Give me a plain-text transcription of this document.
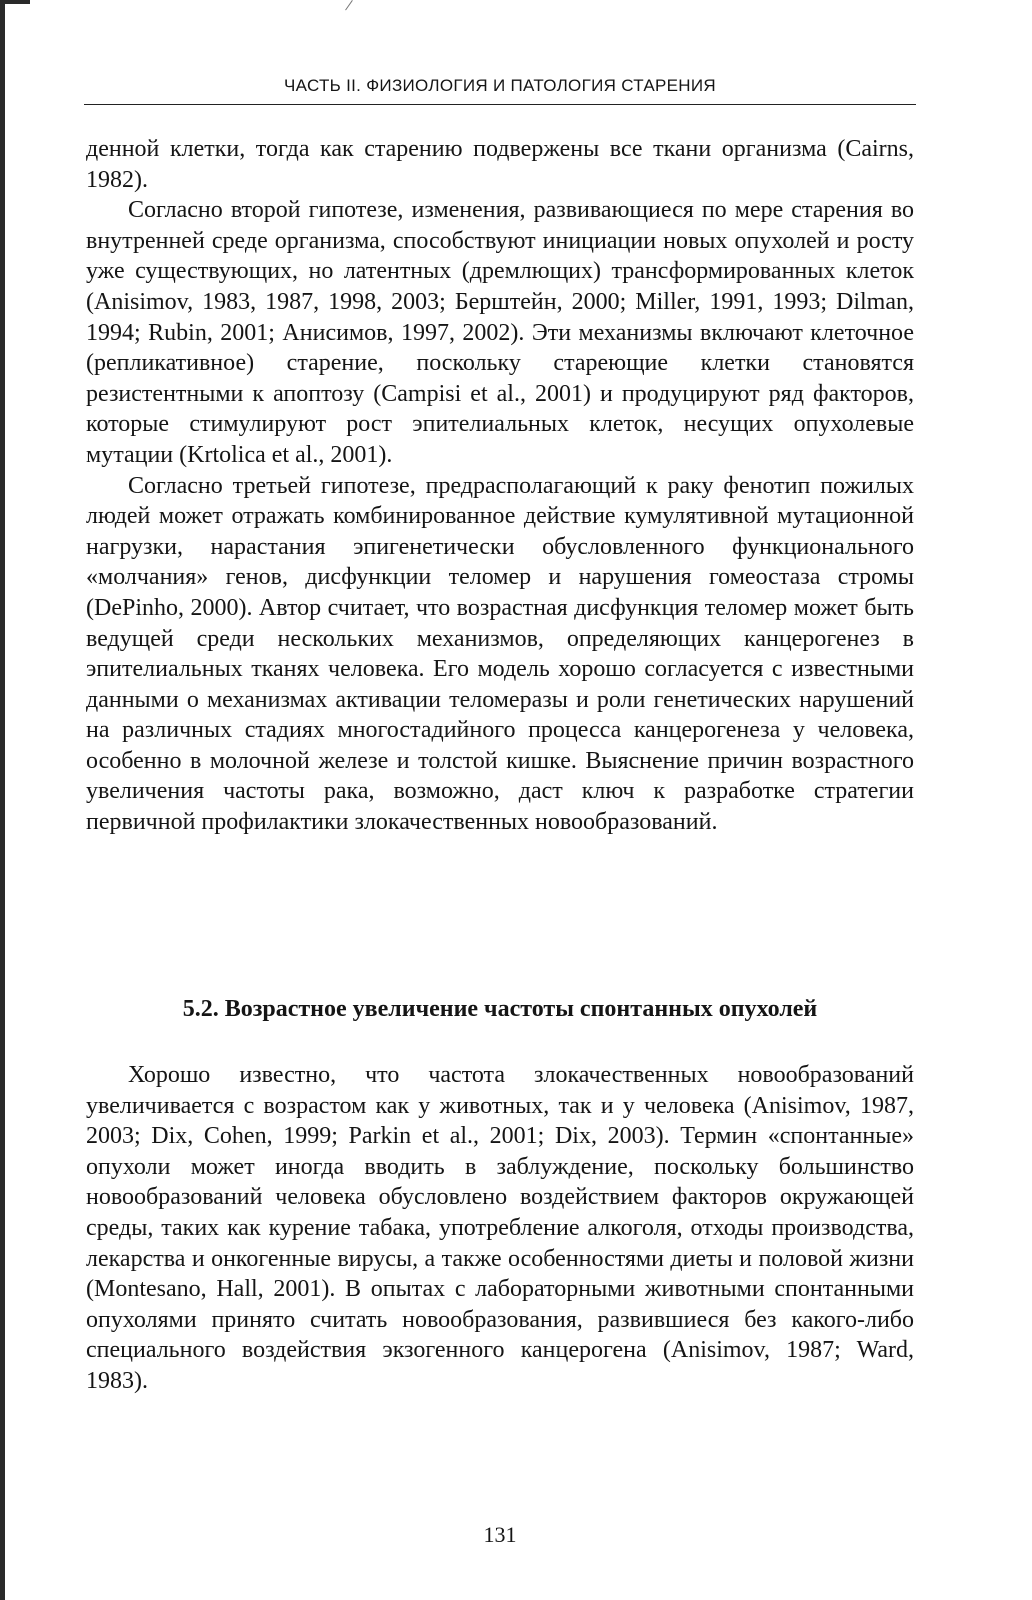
ЧАСТЬ II. ФИЗИОЛОГИЯ И ПАТОЛОГИЯ СТАРЕНИЯ

денной клетки, тогда как старению подвержены все ткани организма (Cairns, 1982).

Согласно второй гипотезе, изменения, развивающиеся по мере старения во внутренней среде организма, способствуют инициации новых опухолей и росту уже существующих, но латентных (дремлющих) трансформированных клеток (Anisimov, 1983, 1987, 1998, 2003; Берштейн, 2000; Miller, 1991, 1993; Dilman, 1994; Rubin, 2001; Анисимов, 1997, 2002). Эти механизмы включают клеточное (репликативное) старение, поскольку стареющие клетки становятся резистентными к апоптозу (Campisi et al., 2001) и продуцируют ряд факторов, которые стимулируют рост эпителиальных клеток, несущих опухолевые мутации (Krtolica et al., 2001).

Согласно третьей гипотезе, предрасполагающий к раку фенотип пожилых людей может отражать комбинированное действие кумулятивной мутационной нагрузки, нарастания эпигенетически обусловленного функционального «молчания» генов, дисфункции теломер и нарушения гомеостаза стромы (DePinho, 2000). Автор считает, что возрастная дисфункция теломер может быть ведущей среди нескольких механизмов, определяющих канцерогенез в эпителиальных тканях человека. Его модель хорошо согласуется с известными данными о механизмах активации теломеразы и роли генетических нарушений на различных стадиях многостадийного процесса канцерогенеза у человека, особенно в молочной железе и толстой кишке. Выяснение причин возрастного увеличения частоты рака, возможно, даст ключ к разработке стратегии первичной профилактики злокачественных новообразований.

5.2. Возрастное увеличение частоты спонтанных опухолей

Хорошо известно, что частота злокачественных новообразований увеличивается с возрастом как у животных, так и у человека (Anisimov, 1987, 2003; Dix, Cohen, 1999; Parkin et al., 2001; Dix, 2003). Термин «спонтанные» опухоли может иногда вводить в заблуждение, поскольку большинство новообразований человека обусловлено воздействием факторов окружающей среды, таких как курение табака, употребление алкоголя, отходы производства, лекарства и онкогенные вирусы, а также особенностями диеты и половой жизни (Montesano, Hall, 2001). В опытах с лабораторными животными спонтанными опухолями принято считать новообразования, развившиеся без какого-либо специального воздействия экзогенного канцерогена (Anisimov, 1987; Ward, 1983).

131
